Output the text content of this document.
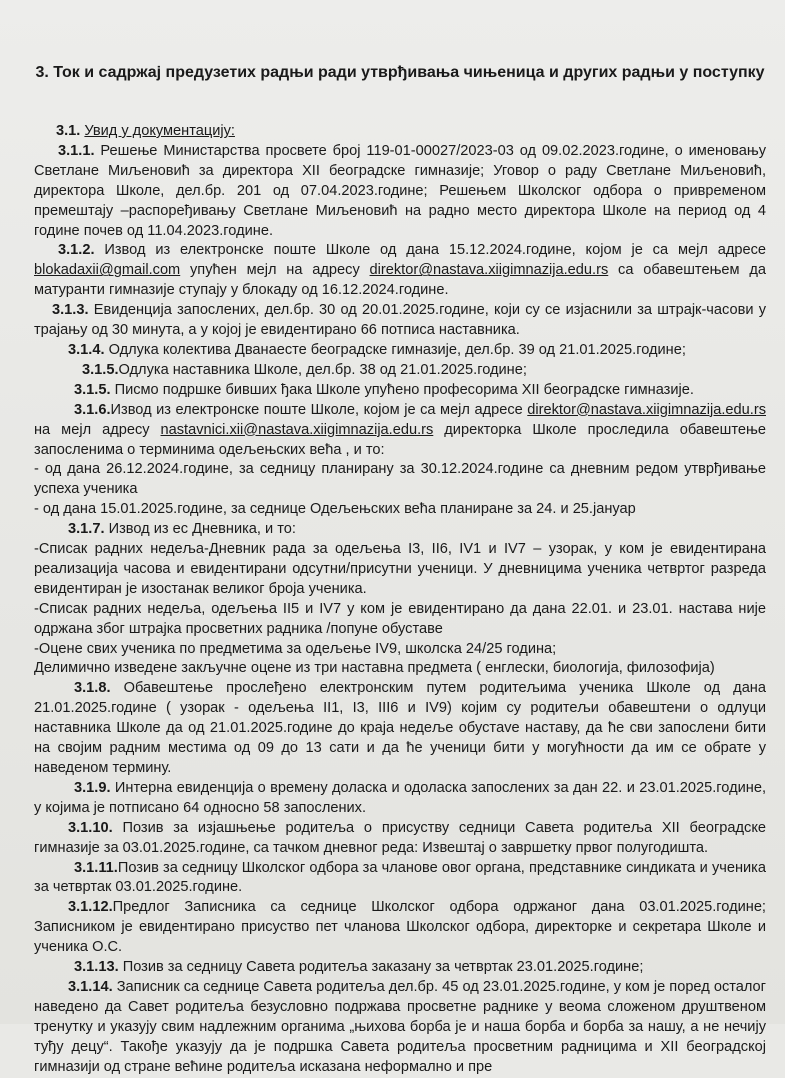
3. Ток и садржај предузетих радњи ради утврђивања чињеница и других радњи у поступку
3.1. Увид у документацију:

3.1.1. Решење Министарства просвете број 119-01-00027/2023-03 од 09.02.2023.године, о именовању Светлане Миљеновић за директора XII београдске гимназије; Уговор о раду Светлане Миљеновић, директора Школе, дел.бр. 201 од 07.04.2023.године; Решењем Школског одбора о привременом премештају –распоређивању Светлане Миљеновић на радно место директора Школе на период од 4 године почев од 11.04.2023.године.

3.1.2. Извод из електронске поште Школе од дана 15.12.2024.године, којом је са мејл адресе blokadaxii@gmail.com упућен мејл на адресу direktor@nastava.xiigimnazija.edu.rs са обавештењем да матуранти гимназије ступају у блокаду од 16.12.2024.године.

3.1.3. Евиденција запослених, дел.бр. 30 од 20.01.2025.године, који су се изјаснили за штрајк-часови у трајању од 30 минута, а у којој је евидентирано 66 потписа наставника.

3.1.4. Одлука колектива Дванаесте београдске гимназије, дел.бр. 39 од 21.01.2025.године;

3.1.5.Одлука наставника Школе, дел.бр. 38 од 21.01.2025.године;

3.1.5. Писмо подршке бивших ђака Школе упућено професорима XII београдске гимназије.

3.1.6.Извод из електронске поште Школе, којом је са мејл адресе direktor@nastava.xiigimnazija.edu.rs на мејл адресу nastavnici.xii@nastava.xiigimnazija.edu.rs директорка Школе проследила обавештење запосленима о терминима одељењских већа , и то:

- од дана 26.12.2024.године, за седницу планирану за 30.12.2024.године са дневним редом утврђивање успеха ученика

- од дана 15.01.2025.године, за седнице Одељењских већа планиране за 24. и 25.јануар

3.1.7. Извод из ес Дневника, и то:

-Списак радних недеља-Дневник рада за одељења I3, II6, IV1 и IV7 – узорак, у ком је евидентирана реализација часова и евидентирани одсутни/присутни ученици. У дневницима ученика четвртог разреда евидентиран је изостанак великог броја ученика.

-Списак радних недеља, одељења II5 и IV7 у ком је евидентирано да дана 22.01. и 23.01. настава није одржана због штрајка просветних радника /попуне обуставе

-Оцене свих ученика по предметима за одељење IV9, школска 24/25 година;

Делимично изведене закључне оцене из три наставна предмета ( енглески, биологија, филозофија)

3.1.8. Обавештење прослеђено електронским путем родитељима ученика Школе од дана 21.01.2025.године ( узорак - одељења II1, I3, III6 и IV9) којим су родитељи обавештени о одлуци наставника Школе да од 21.01.2025.године до краја недеље обустave наставу, да ће сви запослени бити на својим радним местима од 09 до 13 сати и да ће ученици бити у могућности да им се обрате у наведеном термину.

3.1.9. Интерна евиденција о времену доласка и одоласка запослених за дан 22. и 23.01.2025.године, у којима је потписано 64 односно 58 запослених.

3.1.10. Позив за изјашњење родитеља о присуству седници Савета родитеља XII београдске гимназије за 03.01.2025.године, са тачком дневног реда: Извештај о завршетку првог полугодишта.

3.1.11.Позив за седницу Школског одбора за чланове овог органа, представнике синдиката и ученика за четвртак 03.01.2025.године.

3.1.12.Предлог Записника са седнице Школског одбора одржаног дана 03.01.2025.године; Записником је евидентирано присуство пет чланова Школског одбора, директорке и секретара Школе и ученика О.С.

3.1.13. Позив за седницу Савета родитеља заказану за четвртак 23.01.2025.године;

3.1.14. Записник са седнице Савета родитеља дел.бр. 45 од 23.01.2025.године, у ком је поред осталог наведено да Савет родитеља безусловно подржава просветне раднике у веома сложеном друштвеном тренутку и указују свим надлежним органима „њихова борба је и наша борба и борба за нашу, а не нечију туђу децу“. Такође указују да је подршка Савета родитеља просветним радницима и XII београдској гимназији од стране већине родитеља исказана неформално и пре
